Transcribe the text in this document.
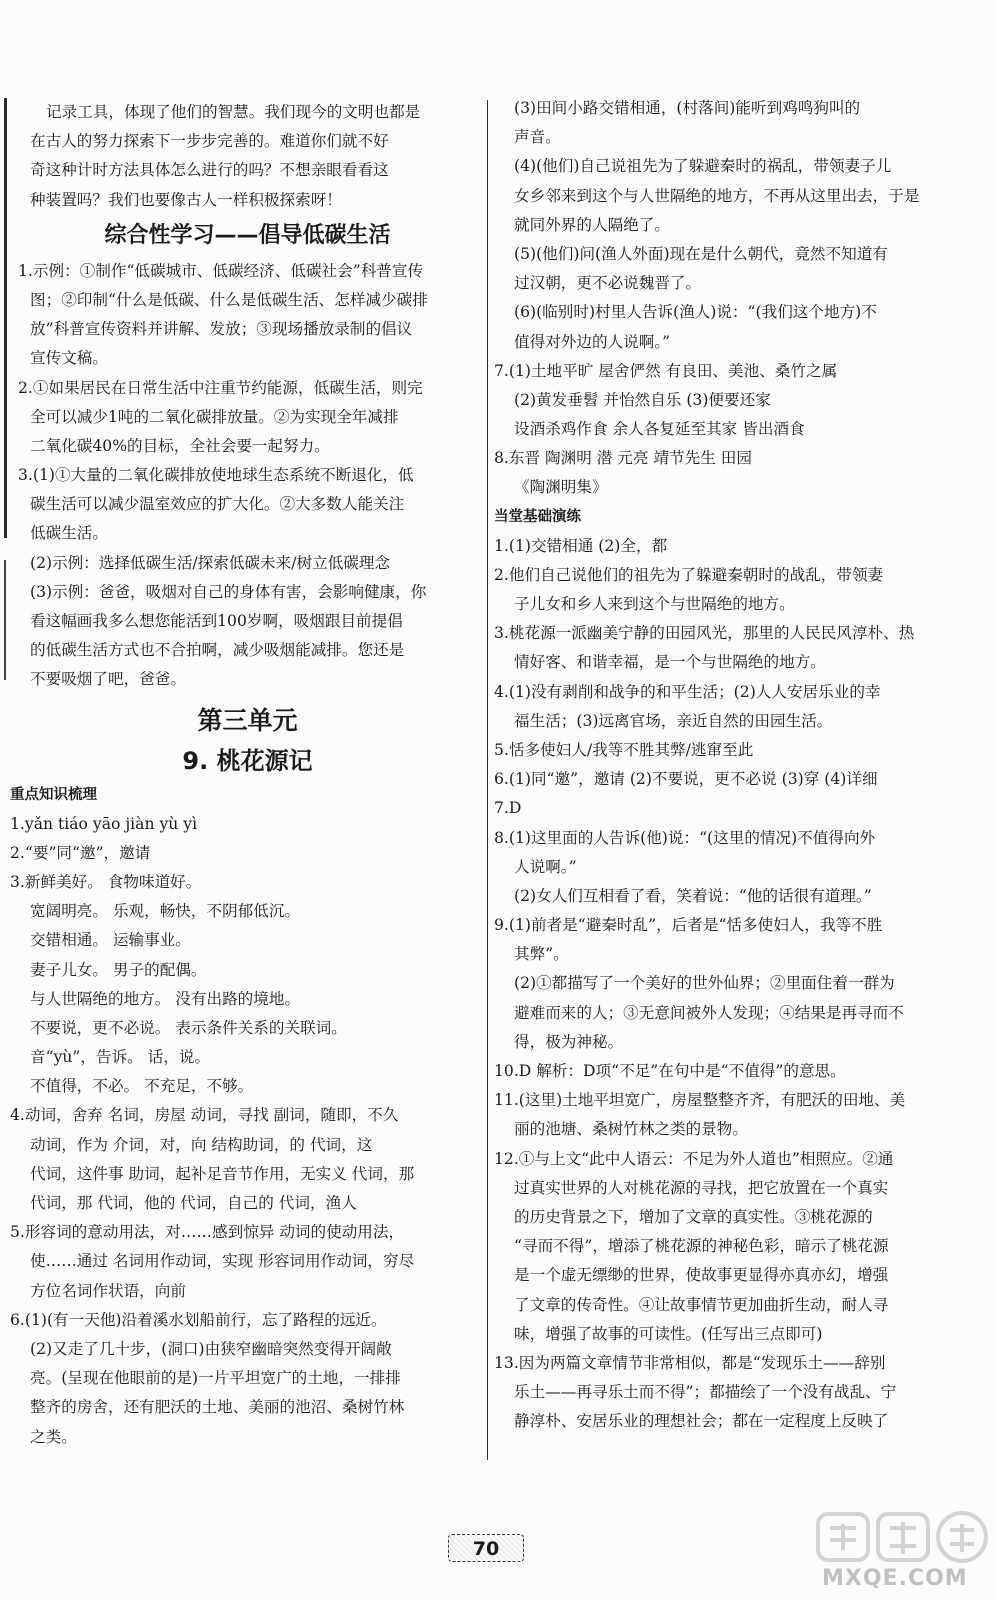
记录工具，体现了他们的智慧。我们现今的文明也都是
在古人的努力探索下一步步完善的。难道你们就不好
奇这种计时方法具体怎么进行的吗？不想亲眼看看这
种装置吗？我们也要像古人一样积极探索呀！
综合性学习——倡导低碳生活
1.示例：①制作“低碳城市、低碳经济、低碳社会”科普宣传
图；②印制“什么是低碳、什么是低碳生活、怎样减少碳排
放”科普宣传资料并讲解、发放；③现场播放录制的倡议
宣传文稿。
2.①如果居民在日常生活中注重节约能源，低碳生活，则完
全可以减少1吨的二氧化碳排放量。②为实现全年减排
二氧化碳40%的目标，全社会要一起努力。
3.(1)①大量的二氧化碳排放使地球生态系统不断退化，低
碳生活可以减少温室效应的扩大化。②大多数人能关注
低碳生活。
(2)示例：选择低碳生活/探索低碳未来/树立低碳理念
(3)示例：爸爸，吸烟对自己的身体有害，会影响健康，你
看这幅画我多么想您能活到100岁啊，吸烟跟目前提倡
的低碳生活方式也不合拍啊，减少吸烟能减排。您还是
不要吸烟了吧，爸爸。
第三单元
9. 桃花源记
重点知识梳理
1.yǎn tiáo yāo jiàn yù yì
2.“要”同“邀”，邀请
3.新鲜美好。 食物味道好。
宽阔明亮。 乐观，畅快，不阴郁低沉。
交错相通。 运输事业。
妻子儿女。 男子的配偶。
与人世隔绝的地方。 没有出路的境地。
不要说，更不必说。 表示条件关系的关联词。
音“yù”，告诉。 话，说。
不值得，不必。 不充足，不够。
4.动词，舍弃 名词，房屋 动词，寻找 副词，随即，不久
动词，作为 介词，对，向 结构助词，的 代词，这
代词，这件事 助词，起补足音节作用，无实义 代词，那
代词，那 代词，他的 代词，自己的 代词，渔人
5.形容词的意动用法，对……感到惊异 动词的使动用法，
使……通过 名词用作动词，实现 形容词用作动词，穷尽
方位名词作状语，向前
6.(1)(有一天他)沿着溪水划船前行，忘了路程的远近。
(2)又走了几十步，(洞口)由狭窄幽暗突然变得开阔敞
亮。(呈现在他眼前的是)一片平坦宽广的土地，一排排
整齐的房舍，还有肥沃的土地、美丽的池沼、桑树竹林
之类。
(3)田间小路交错相通，(村落间)能听到鸡鸣狗叫的
声音。
(4)(他们)自己说祖先为了躲避秦时的祸乱，带领妻子儿
女乡邻来到这个与人世隔绝的地方，不再从这里出去，于是
就同外界的人隔绝了。
(5)(他们)问(渔人外面)现在是什么朝代，竟然不知道有
过汉朝，更不必说魏晋了。
(6)(临别时)村里人告诉(渔人)说：“(我们这个地方)不
值得对外边的人说啊。”
7.(1)土地平旷 屋舍俨然 有良田、美池、桑竹之属
(2)黄发垂髫 并怡然自乐 (3)便要还家
设酒杀鸡作食 余人各复延至其家 皆出酒食
8.东晋 陶渊明 潜 元亮 靖节先生 田园
《陶渊明集》
当堂基础演练
1.(1)交错相通 (2)全，都
2.他们自己说他们的祖先为了躲避秦朝时的战乱，带领妻
子儿女和乡人来到这个与世隔绝的地方。
3.桃花源一派幽美宁静的田园风光，那里的人民民风淳朴、热
情好客、和谐幸福，是一个与世隔绝的地方。
4.(1)没有剥削和战争的和平生活；(2)人人安居乐业的幸
福生活；(3)远离官场，亲近自然的田园生活。
5.恬多使妇人/我等不胜其弊/逃窜至此
6.(1)同“邀”，邀请 (2)不要说，更不必说 (3)穿 (4)详细
7.D
8.(1)这里面的人告诉(他)说：“(这里的情况)不值得向外
人说啊。”
(2)女人们互相看了看，笑着说：“他的话很有道理。”
9.(1)前者是“避秦时乱”，后者是“恬多使妇人，我等不胜
其弊”。
(2)①都描写了一个美好的世外仙界；②里面住着一群为
避难而来的人；③无意间被外人发现；④结果是再寻而不
得，极为神秘。
10.D 解析：D项“不足”在句中是“不值得”的意思。
11.(这里)土地平坦宽广，房屋整整齐齐，有肥沃的田地、美
丽的池塘、桑树竹林之类的景物。
12.①与上文“此中人语云：不足为外人道也”相照应。②通
过真实世界的人对桃花源的寻找，把它放置在一个真实
的历史背景之下，增加了文章的真实性。③桃花源的
“寻而不得”，增添了桃花源的神秘色彩，暗示了桃花源
是一个虚无缥缈的世界，使故事更显得亦真亦幻，增强
了文章的传奇性。④让故事情节更加曲折生动，耐人寻
味，增强了故事的可读性。(任写出三点即可)
13.因为两篇文章情节非常相似，都是“发现乐土——辞别
乐土——再寻乐土而不得”；都描绘了一个没有战乱、宁
静淳朴、安居乐业的理想社会；都在一定程度上反映了
70
MXQE.COM
